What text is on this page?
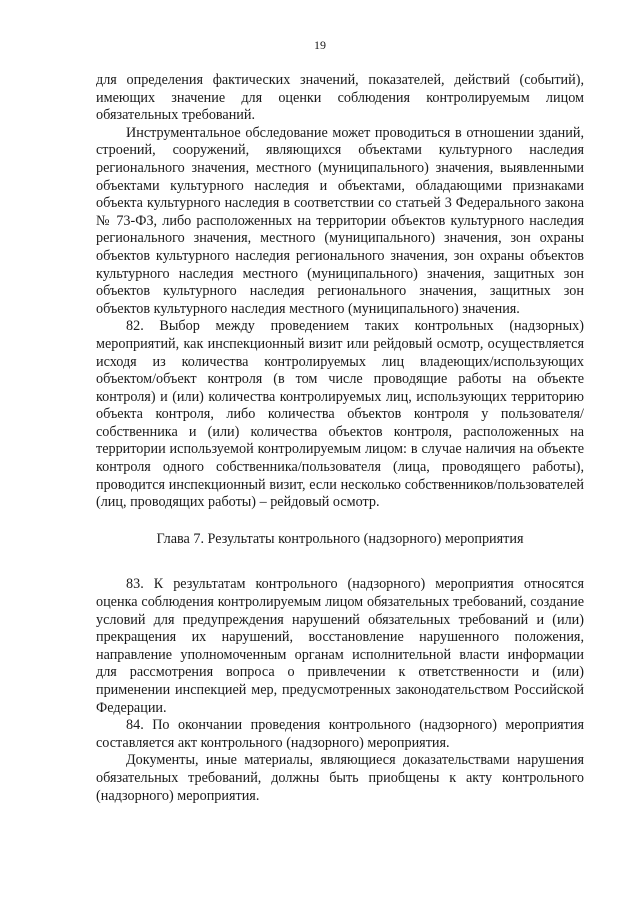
19

для определения фактических значений, показателей, действий (событий), имеющих значение для оценки соблюдения контролируемым лицом обязательных требований.

Инструментальное обследование может проводиться в отношении зданий, строений, сооружений, являющихся объектами культурного наследия регионального значения, местного (муниципального) значения, выявленными объектами культурного наследия и объектами, обладающими признаками объекта культурного наследия в соответствии со статьей 3 Федерального закона № 73-ФЗ, либо расположенных на территории объектов культурного наследия регионального значения, местного (муниципального) значения, зон охраны объектов культурного наследия регионального значения, зон охраны объектов культурного наследия местного (муниципального) значения, защитных зон объектов культурного наследия регионального значения, защитных зон объектов культурного наследия местного (муниципального) значения.

82. Выбор между проведением таких контрольных (надзорных) мероприятий, как инспекционный визит или рейдовый осмотр, осуществляется исходя из количества контролируемых лиц владеющих/использующих объектом/объект контроля (в том числе проводящие работы на объекте контроля) и (или) количества контролируемых лиц, использующих территорию объекта контроля, либо количества объектов контроля у пользователя/собственника и (или) количества объектов контроля, расположенных на территории используемой контролируемым лицом: в случае наличия на объекте контроля одного собственника/пользователя (лица, проводящего работы), проводится инспекционный визит, если несколько собственников/пользователей (лиц, проводящих работы) – рейдовый осмотр.

Глава 7. Результаты контрольного (надзорного) мероприятия

83. К результатам контрольного (надзорного) мероприятия относятся оценка соблюдения контролируемым лицом обязательных требований, создание условий для предупреждения нарушений обязательных требований и (или) прекращения их нарушений, восстановление нарушенного положения, направление уполномоченным органам исполнительной власти информации для рассмотрения вопроса о привлечении к ответственности и (или) применении инспекцией мер, предусмотренных законодательством Российской Федерации.

84. По окончании проведения контрольного (надзорного) мероприятия составляется акт контрольного (надзорного) мероприятия.

Документы, иные материалы, являющиеся доказательствами нарушения обязательных требований, должны быть приобщены к акту контрольного (надзорного) мероприятия.
